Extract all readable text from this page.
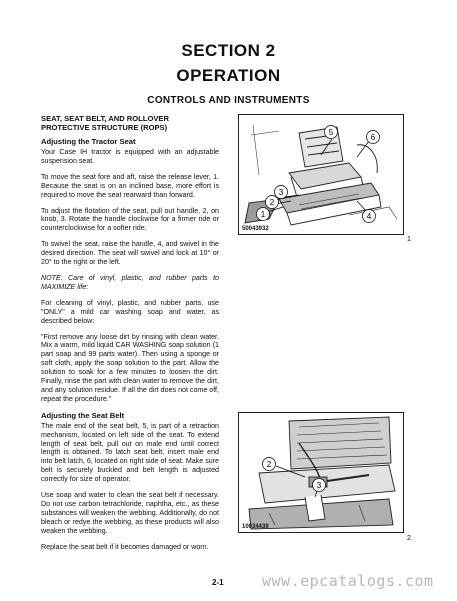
SECTION 2
OPERATION
CONTROLS AND INSTRUMENTS
SEAT, SEAT BELT, AND ROLLOVER
PROTECTIVE STRUCTURE (ROPS)
Adjusting the Tractor Seat

Your Case IH tractor is equipped with an adjustable suspension seat.

To move the seat fore and aft, raise the release lever, 1. Because the seat is on an inclined base, more effort is required to move the seat rearward than forward.

To adjust the flotation of the seat, pull out handle, 2, on knob, 3. Rotate the handle clockwise for a firmer ride or counterclockwise for a softer ride.

To swivel the seat, raise the handle, 4, and swivel in the desired direction. The seat will swivel and lock at 10° or 20° to the right or the left.

NOTE: Care of vinyl, plastic, and rubber parts to MAXIMIZE life:

For cleaning of vinyl, plastic, and rubber parts, use "ONLY" a mild car washing soap and water, as described below:

"First remove any loose dirt by rinsing with clean water. Mix a warm, mild liquid CAR WASHING soap solution (1 part soap and 99 parts water). Then using a sponge or soft cloth, apply the soap solution to the part. Allow the solution to soak for a few minutes to loosen the dirt. Finally, rinse the part with clean water to remove the dirt, and any solution residue. If all the dirt does not come off, repeat the procedure."

Adjusting the Seat Belt

The male end of the seat belt, 5, is part of a retraction mechanism, located on left side of the seat. To extend length of seat belt, pull out on male end until correct length is obtained. To latch seat belt, insert male end into belt latch, 6, located on right side of seat. Make sure belt is securely buckled and belt length is adjusted correctly for size of operator.

Use soap and water to clean the seat belt if necessary. Do not use carbon tetrachloride, naphtha, etc., as these substances will weaken the webbing. Additionally, do not bleach or redye the webbing, as these products will also weaken the webbing.

Replace the seat belt if it becomes damaged or worn.

5
6
1
2
3
4
50043932
1
2
3
10034439
2
2-1	www.epcatalogs.com
